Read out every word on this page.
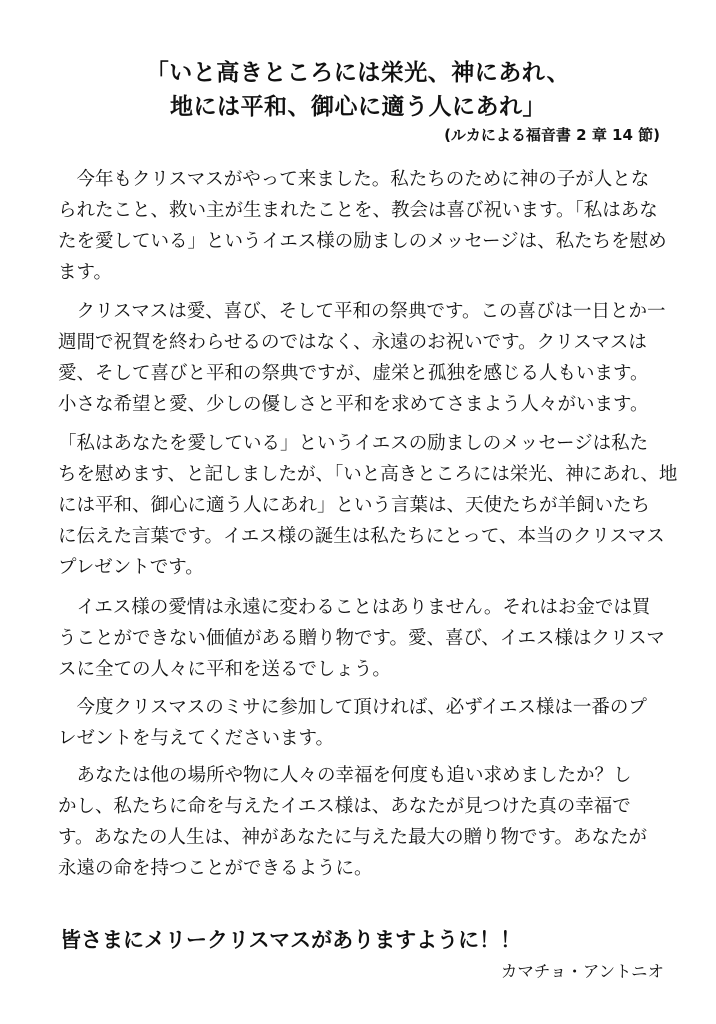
「いと高きところには栄光、神にあれ、
地には平和、御心に適う人にあれ」
(ルカによる福音書 2 章 14 節)
　今年もクリスマスがやって来ました。私たちのために神の子が人とな
られたこと、救い主が生まれたことを、教会は喜び祝います。「私はあな
たを愛している」というイエス様の励ましのメッセージは、私たちを慰め
ます。
　クリスマスは愛、喜び、そして平和の祭典です。この喜びは一日とか一
週間で祝賀を終わらせるのではなく、永遠のお祝いです。クリスマスは
愛、そして喜びと平和の祭典ですが、虚栄と孤独を感じる人もいます。
小さな希望と愛、少しの優しさと平和を求めてさまよう人々がいます。
「私はあなたを愛している」というイエスの励ましのメッセージは私た
ちを慰めます、と記しましたが、「いと高きところには栄光、神にあれ、地
には平和、御心に適う人にあれ」という言葉は、天使たちが羊飼いたち
に伝えた言葉です。イエス様の誕生は私たちにとって、本当のクリスマス
プレゼントです。
　イエス様の愛情は永遠に変わることはありません。それはお金では買
うことができない価値がある贈り物です。愛、喜び、イエス様はクリスマ
スに全ての人々に平和を送るでしょう。
　今度クリスマスのミサに参加して頂ければ、必ずイエス様は一番のプ
レゼントを与えてくださいます。
　あなたは他の場所や物に人々の幸福を何度も追い求めましたか？し
かし、私たちに命を与えたイエス様は、あなたが見つけた真の幸福で
す。あなたの人生は、神があなたに与えた最大の贈り物です。あなたが
永遠の命を持つことができるように。
皆さまにメリークリスマスがありますように！！
カマチョ・アントニオ
